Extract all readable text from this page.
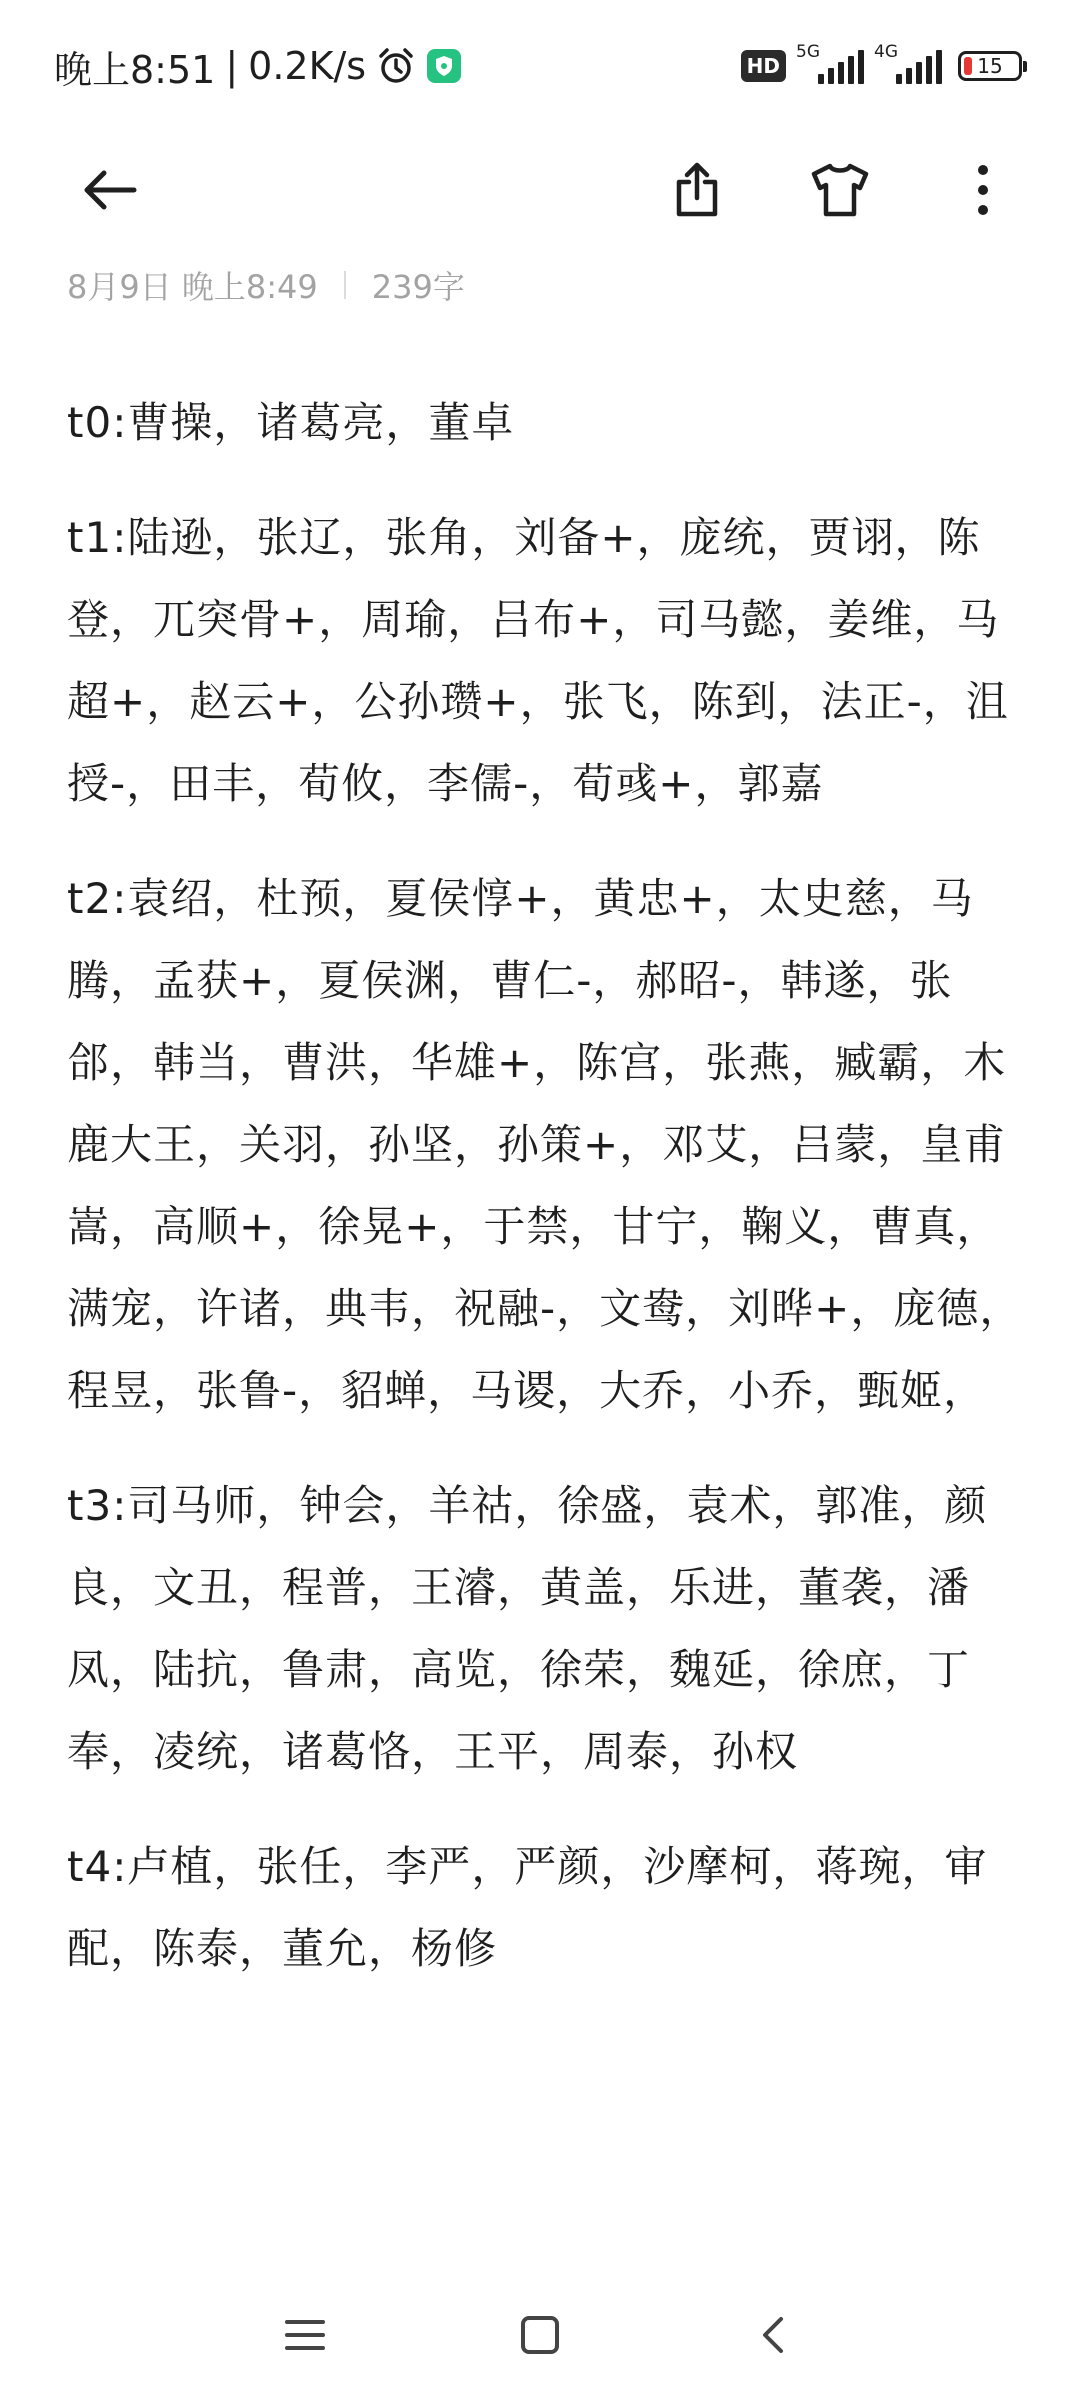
晚上8:51 | 0.2K/s	HD
5G	4G
15
8月9日 晚上8:49 239字

t0:曹操，诸葛亮，董卓

t1:陆逊，张辽，张角，刘备+，庞统，贾诩，陈登，兀突骨+，周瑜，吕布+，司马懿，姜维，马超+，赵云+，公孙瓒+，张飞，陈到，法正-，沮授-，田丰，荀攸，李儒-，荀彧+，郭嘉

t2:袁绍，杜预，夏侯惇+，黄忠+，太史慈，马腾，孟获+，夏侯渊，曹仁-，郝昭-，韩遂，张郃，韩当，曹洪，华雄+，陈宫，张燕，臧霸，木鹿大王，关羽，孙坚，孙策+，邓艾，吕蒙，皇甫嵩，高顺+，徐晃+，于禁，甘宁，鞠义，曹真，满宠，许诸，典韦，祝融-，文鸯，刘晔+，庞德，程昱，张鲁-，貂蝉，马谡，大乔，小乔，甄姬，

t3:司马师，钟会，羊祜，徐盛，袁术，郭准，颜良，文丑，程普，王濬，黄盖，乐进，董袭，潘凤，陆抗，鲁肃，高览，徐荣，魏延，徐庶，丁奉，凌统，诸葛恪，王平，周泰，孙权

t4:卢植，张任，李严，严颜，沙摩柯，蒋琬，审配，陈泰，董允，杨修
